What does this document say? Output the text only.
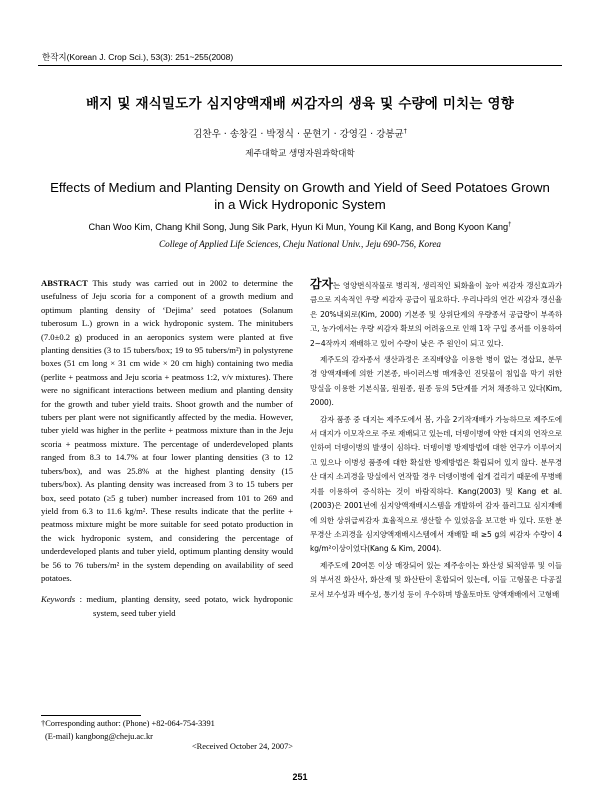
한작지(Korean J. Crop Sci.), 53(3): 251~255(2008)
배지 및 재식밀도가 심지양액재배 씨감자의 생육 및 수량에 미치는 영향
김찬우 · 송창길 · 박정식 · 문현기 · 강영길 · 강봉균†
제주대학교 생명자원과학대학
Effects of Medium and Planting Density on Growth and Yield of Seed Potatoes Grown
in a Wick Hydroponic System
Chan Woo Kim, Chang Khil Song, Jung Sik Park, Hyun Ki Mun, Young Kil Kang, and Bong Kyoon Kang†
College of Applied Life Sciences, Cheju National Univ., Jeju 690-756, Korea
ABSTRACT This study was carried out in 2002 to determine the usefulness of Jeju scoria for a component of a growth medium and optimum planting density of ‘Dejima’ seed potatoes (Solanum tuberosum L.) grown in a wick hydroponic system. The minitubers (7.0±0.2 g) produced in an aeroponics system were planted at five planting densities (3 to 15 tubers/box; 19 to 95 tubers/m²) in polystyrene boxes (51 cm long × 31 cm wide × 20 cm high) containing two media (perlite + peatmoss and Jeju scoria + peatmoss 1:2, v/v mixtures). There were no significant interactions between medium and planting density for the growth and tuber yield traits. Shoot growth and the number of tubers per plant were not significantly affected by the media. However, tuber yield was higher in the perlite + peatmoss mixture than in the Jeju scoria + peatmoss mixture. The percentage of underdeveloped plants ranged from 8.3 to 14.7% at four lower planting densities (3 to 12 tubers/box), and was 25.8% at the highest planting density (15 tubers/box). As planting density was increased from 3 to 15 tubers per box, seed potato (≥5 g tuber) number increased from 101 to 269 and yield from 6.3 to 11.6 kg/m². These results indicate that the perlite + peatmoss mixture might be more suitable for seed potato production in the wick hydroponic system, and considering the percentage of underdeveloped plants and tuber yield, optimum planting density would be 56 to 76 tubers/m² in the system depending on availability of seed potatoes.
Keywords : medium, planting density, seed potato, wick hydroponic system, seed tuber yield
†Corresponding author: (Phone) +82-064-754-3391
(E-mail) kangbong@cheju.ac.kr
<Received October 24, 2007>

감자는 영양번식작물로 병리적, 생리적인 퇴화율이 높아 씨감자 갱신효과가 큼으로 지속적인 우량 씨감자 공급이 필요하다. 우리나라의 연간 씨감자 갱신율은 20%내외로(Kim, 2000) 기본종 및 상위단계의 우량종서 공급량이 부족하고, 농가에서는 우량 씨감자 확보의 어려움으로 인해 1작 구입 종서를 이용하여 2~4작까지 재배하고 있어 수량이 낮은 주 원인이 되고 있다.

제주도의 감자종서 생산과정은 조직배양을 이용한 병이 없는 경삽묘, 분무경 양액재배에 의한 기본종, 바이러스병 매개충인 진딧물이 침입을 막기 위한 망실을 이용한 기본식물, 원원종, 원종 등의 5단계를 거쳐 채종하고 있다(Kim, 2000).

감자 품종 중 대지는 제주도에서 봄, 가을 2기작재배가 가능하므로 제주도에서 대지가 이모작으로 주로 재배되고 있는데, 더뎅이병에 약한 대지의 연작으로 인하여 더뎅이병의 발생이 심하다. 더뎅이병 방제방법에 대한 연구가 이루어지고 있으나 이병성 품종에 대한 확실한 방제방법은 확립되어 있지 않다. 분무경산 대지 소괴경을 망실에서 연작할 경우 더뎅이병에 쉽게 걸리기 때문에 무병배지를 이용하여 증식하는 것이 바람직하다. Kang(2003) 및 Kang et al. (2003)은 2001년에 심지양액재배시스템을 개발하여 감자 플러그묘 심지재배에 의한 상위급씨감자 효율적으로 생산할 수 있었음을 보고한 바 있다. 또한 분무경산 소괴경을 심지양액재배시스템에서 재배할 때 ≥5 g의 씨감자 수량이 4 kg/m²이상이었다(Kang & Kim, 2004).

제주도에 20여톤 이상 매장되어 있는 제주송이는 화산성 퇴적암류 및 이들의 부서진 화산사, 화산재 및 화산탄이 혼합되어 있는데, 이들 고형물은 다공질로서 보수성과 배수성, 통기성 등이 우수하며 방울토마토 양액재배에서 고형배

251
